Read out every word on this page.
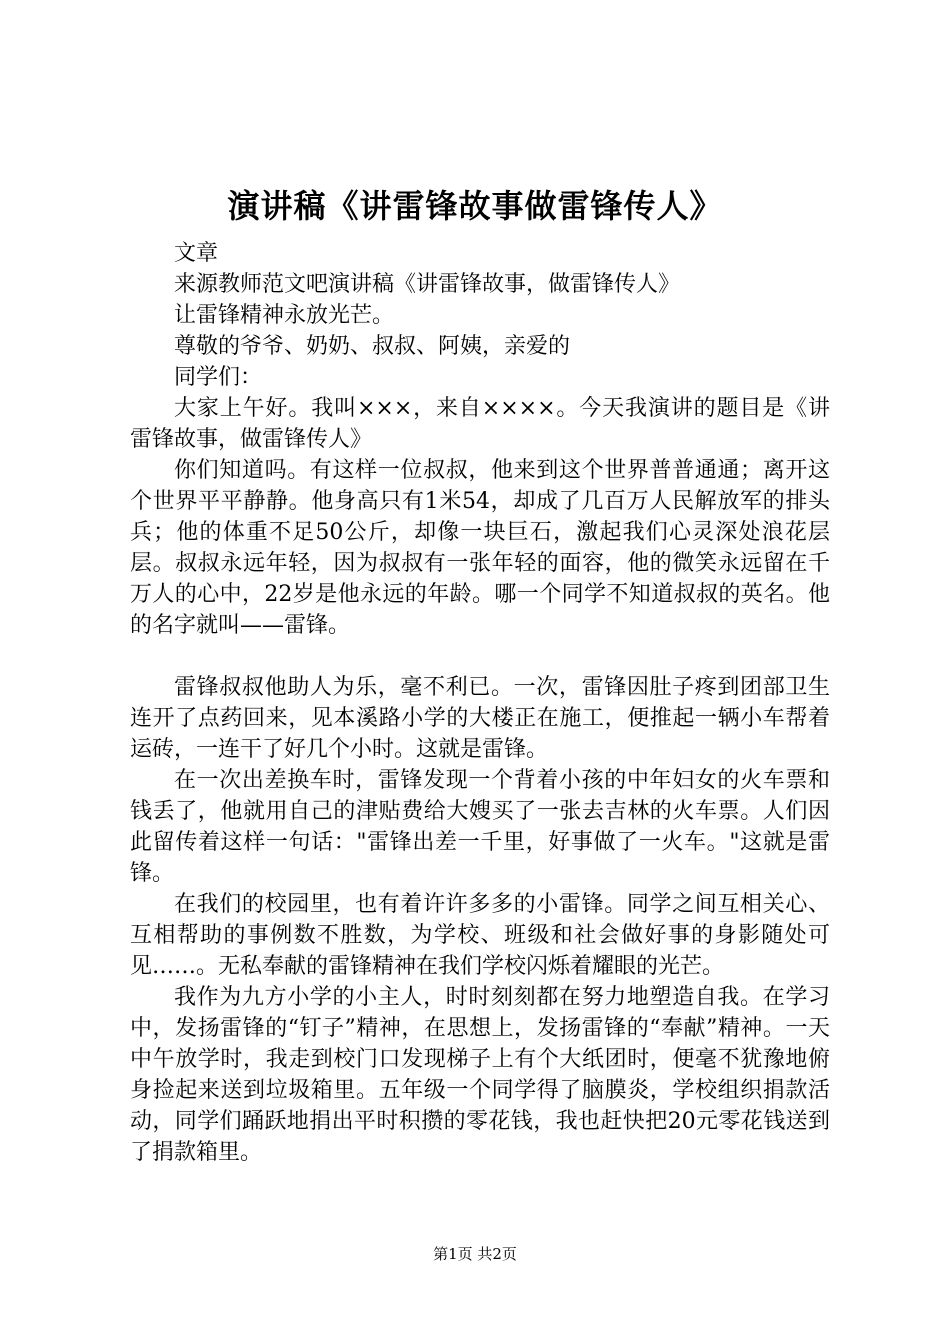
演讲稿《讲雷锋故事做雷锋传人》

文章

来源教师范文吧演讲稿《讲雷锋故事，做雷锋传人》

让雷锋精神永放光芒。

尊敬的爷爷、奶奶、叔叔、阿姨，亲爱的

同学们：

大家上午好。我叫×××，来自××××。今天我演讲的题目是《讲雷锋故事，做雷锋传人》

你们知道吗。有这样一位叔叔，他来到这个世界普普通通；离开这个世界平平静静。他身高只有1米54，却成了几百万人民解放军的排头兵；他的体重不足50公斤，却像一块巨石，激起我们心灵深处浪花层层。叔叔永远年轻，因为叔叔有一张年轻的面容，他的微笑永远留在千万人的心中，22岁是他永远的年龄。哪一个同学不知道叔叔的英名。他的名字就叫——雷锋。

雷锋叔叔他助人为乐，毫不利已。一次，雷锋因肚子疼到团部卫生连开了点药回来，见本溪路小学的大楼正在施工，便推起一辆小车帮着运砖，一连干了好几个小时。这就是雷锋。

在一次出差换车时，雷锋发现一个背着小孩的中年妇女的火车票和钱丢了，他就用自己的津贴费给大嫂买了一张去吉林的火车票。人们因此留传着这样一句话："雷锋出差一千里，好事做了一火车。"这就是雷锋。

在我们的校园里，也有着许许多多的小雷锋。同学之间互相关心、互相帮助的事例数不胜数，为学校、班级和社会做好事的身影随处可见……。无私奉献的雷锋精神在我们学校闪烁着耀眼的光芒。

我作为九方小学的小主人，时时刻刻都在努力地塑造自我。在学习中，发扬雷锋的“钉子”精神，在思想上，发扬雷锋的“奉献”精神。一天中午放学时，我走到校门口发现梯子上有个大纸团时，便毫不犹豫地俯身捡起来送到垃圾箱里。五年级一个同学得了脑膜炎，学校组织捐款活动，同学们踊跃地捐出平时积攒的零花钱，我也赶快把20元零花钱送到了捐款箱里。

第1页 共2页
